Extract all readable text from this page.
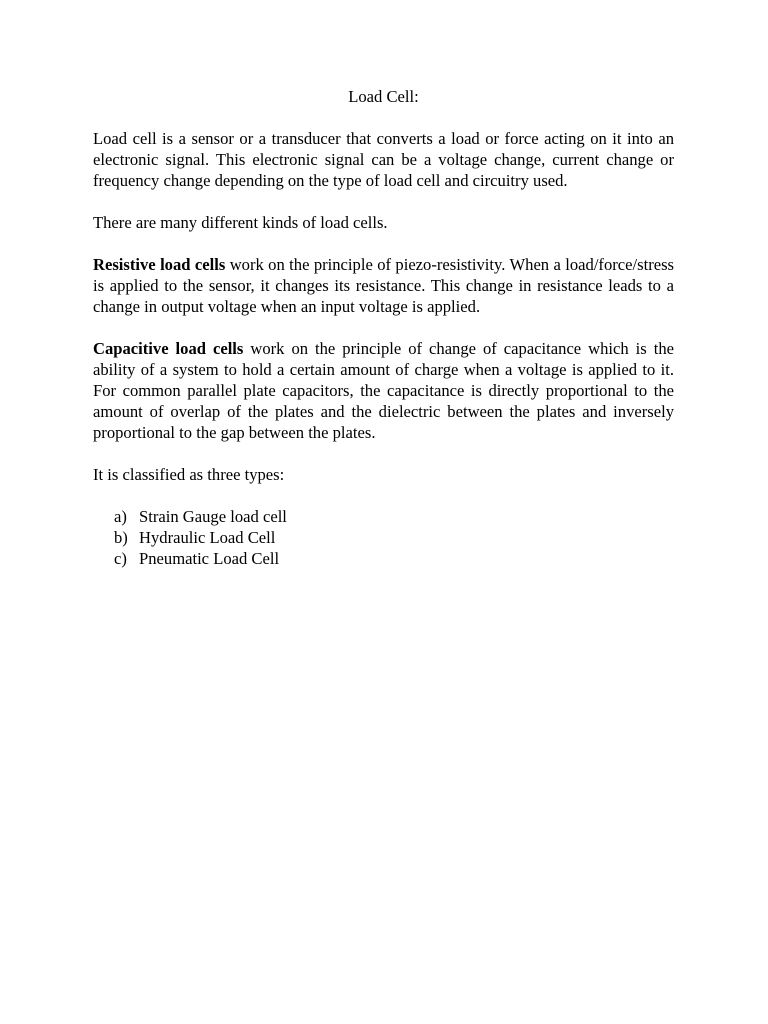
Load Cell:

Load cell is a sensor or a transducer that converts a load or force acting on it into an electronic signal. This electronic signal can be a voltage change, current change or frequency change depending on the type of load cell and circuitry used.

There are many different kinds of load cells.

Resistive load cells work on the principle of piezo-resistivity. When a load/force/stress is applied to the sensor, it changes its resistance. This change in resistance leads to a change in output voltage when an input voltage is applied.

Capacitive load cells work on the principle of change of capacitance which is the ability of a system to hold a certain amount of charge when a voltage is applied to it. For common parallel plate capacitors, the capacitance is directly proportional to the amount of overlap of the plates and the dielectric between the plates and inversely proportional to the gap between the plates.

It is classified as three types:

a) Strain Gauge load cell
b) Hydraulic Load Cell
c) Pneumatic Load Cell
